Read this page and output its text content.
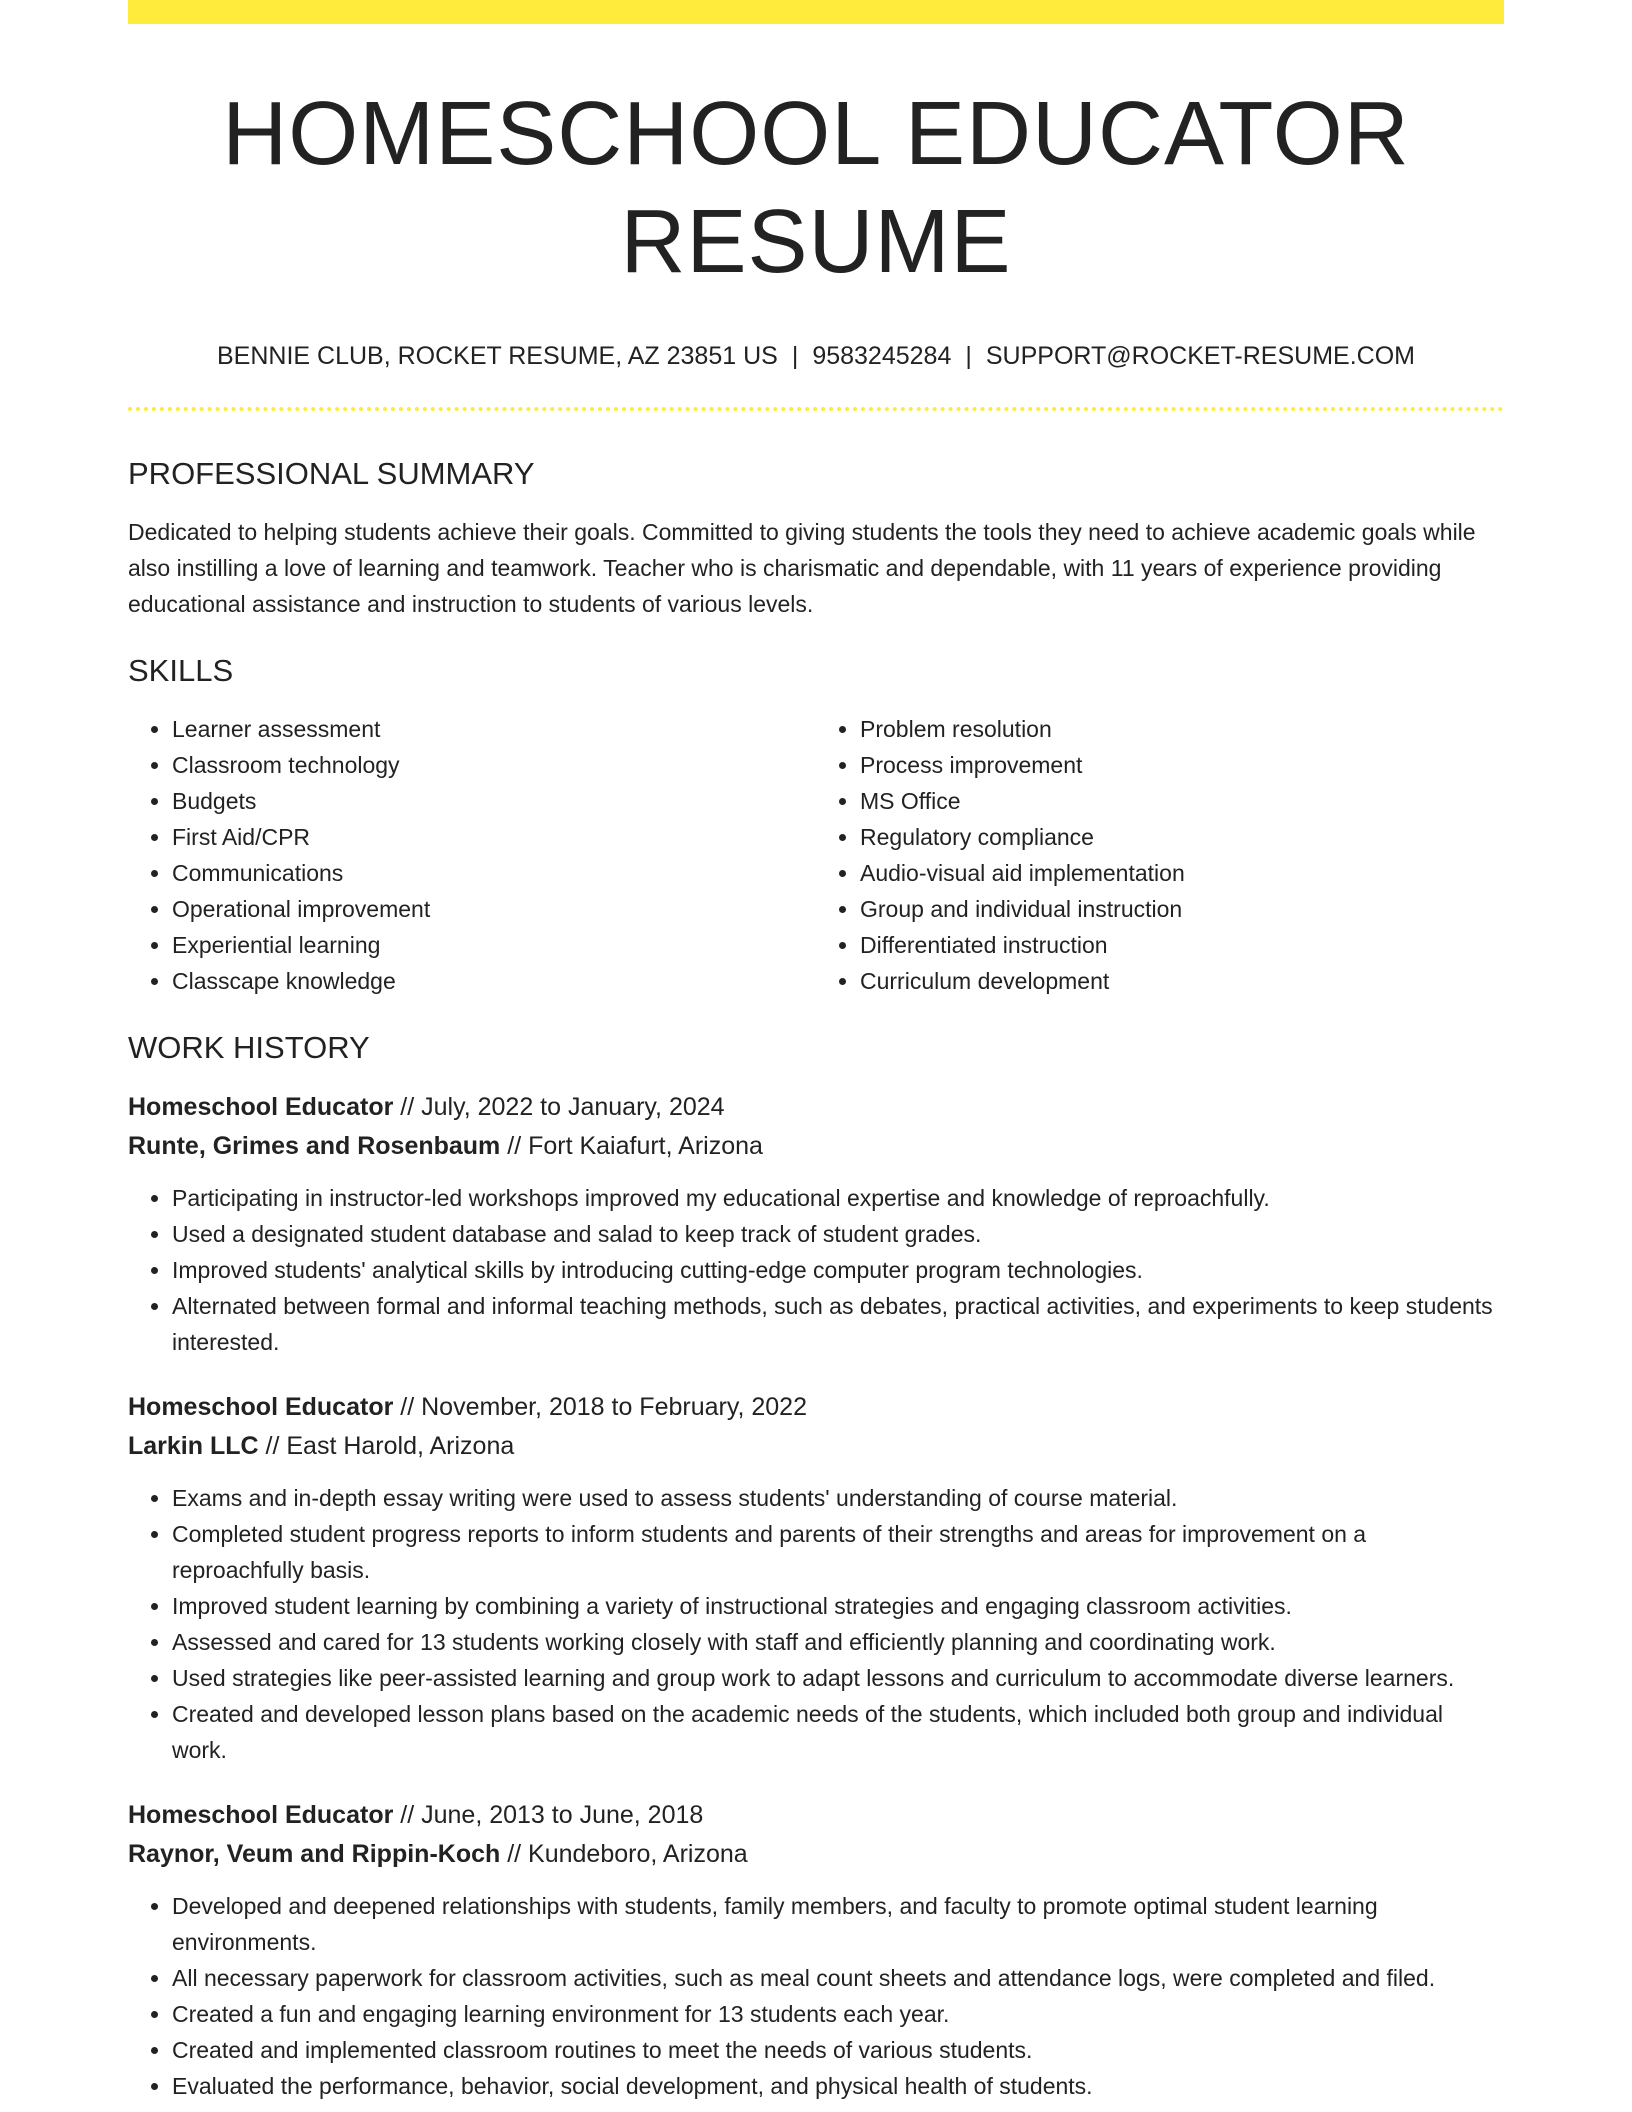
HOMESCHOOL EDUCATOR RESUME
BENNIE CLUB, ROCKET RESUME, AZ 23851 US | 9583245284 | SUPPORT@ROCKET-RESUME.COM
PROFESSIONAL SUMMARY

Dedicated to helping students achieve their goals. Committed to giving students the tools they need to achieve academic goals while also instilling a love of learning and teamwork. Teacher who is charismatic and dependable, with 11 years of experience providing educational assistance and instruction to students of various levels.

SKILLS
• Learner assessment
• Classroom technology
• Budgets
• First Aid/CPR
• Communications
• Operational improvement
• Experiential learning
• Classcape knowledge
• Problem resolution
• Process improvement
• MS Office
• Regulatory compliance
• Audio-visual aid implementation
• Group and individual instruction
• Differentiated instruction
• Curriculum development
WORK HISTORY
Homeschool Educator // July, 2022 to January, 2024
Runte, Grimes and Rosenbaum // Fort Kaiafurt, Arizona
• Participating in instructor-led workshops improved my educational expertise and knowledge of reproachfully.
• Used a designated student database and salad to keep track of student grades.
• Improved students' analytical skills by introducing cutting-edge computer program technologies.
• Alternated between formal and informal teaching methods, such as debates, practical activities, and experiments to keep students interested.
Homeschool Educator // November, 2018 to February, 2022
Larkin LLC // East Harold, Arizona
• Exams and in-depth essay writing were used to assess students' understanding of course material.
• Completed student progress reports to inform students and parents of their strengths and areas for improvement on a reproachfully basis.
• Improved student learning by combining a variety of instructional strategies and engaging classroom activities.
• Assessed and cared for 13 students working closely with staff and efficiently planning and coordinating work.
• Used strategies like peer-assisted learning and group work to adapt lessons and curriculum to accommodate diverse learners.
• Created and developed lesson plans based on the academic needs of the students, which included both group and individual work.
Homeschool Educator // June, 2013 to June, 2018
Raynor, Veum and Rippin-Koch // Kundeboro, Arizona
• Developed and deepened relationships with students, family members, and faculty to promote optimal student learning environments.
• All necessary paperwork for classroom activities, such as meal count sheets and attendance logs, were completed and filed.
• Created a fun and engaging learning environment for 13 students each year.
• Created and implemented classroom routines to meet the needs of various students.
• Evaluated the performance, behavior, social development, and physical health of students.
